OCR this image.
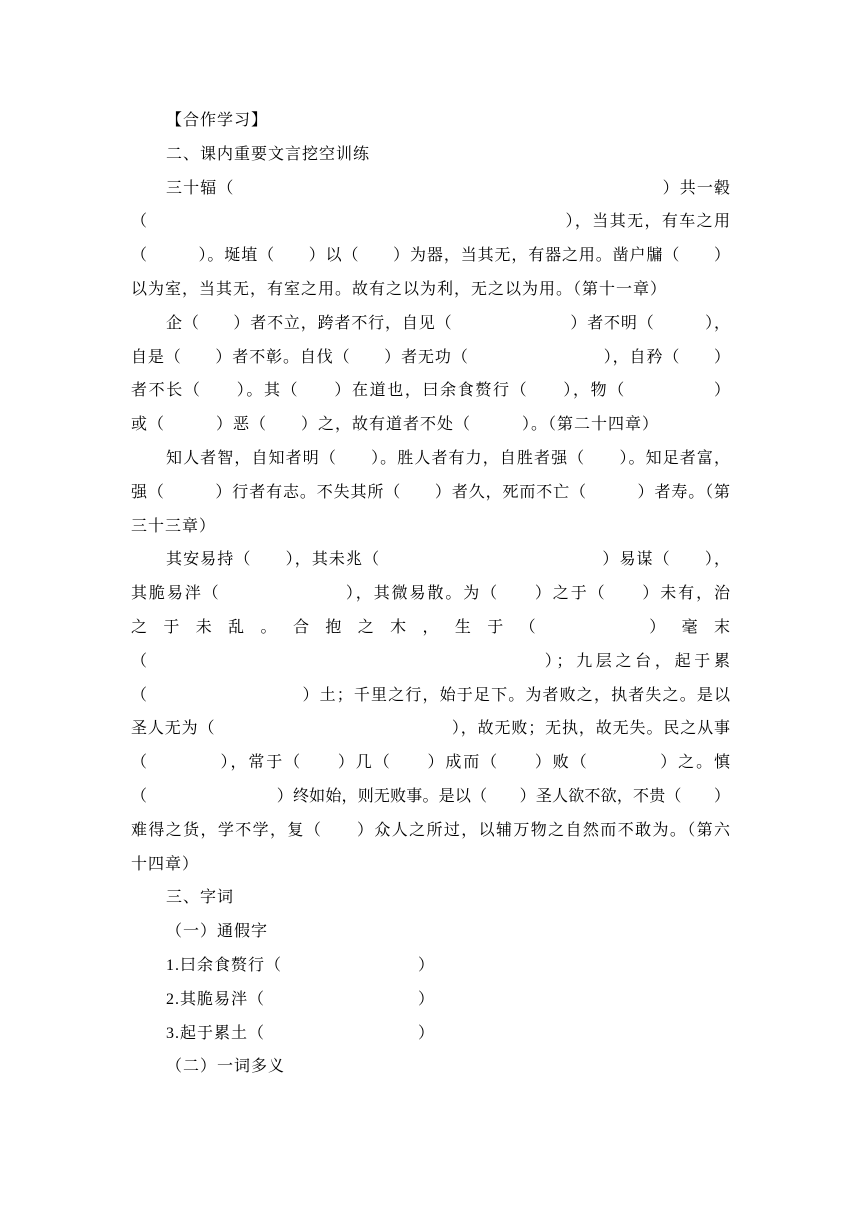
【合作学习】
二、课内重要文言挖空训练
三十辐（　　　　　　　　　　　　　　　　　　　　　　　　　）共一毂
（　　　　　　　　　　　　　　　　　　　　　　　　），当其无，有车之用
（　　　）。埏埴（　　）以（　　）为器，当其无，有器之用。凿户牖（　　）
以为室，当其无，有室之用。故有之以为利，无之以为用。（第十一章）
企（　　）者不立，跨者不行，自见（　　　　　　　）者不明（　　　），
自是（　　）者不彰。自伐（　　）者无功（　　　　　　　　），自矜（　　）
者不长（　　）。其（　　）在道也，曰余食赘行（　　），物（　　　　　）
或（　　　）恶（　　）之，故有道者不处（　　　）。（第二十四章）
知人者智，自知者明（　　）。胜人者有力，自胜者强（　　）。知足者富，
强（　　　）行者有志。不失其所（　　）者久，死而不亡（　　　）者寿。（第
三十三章）
其安易持（　　），其未兆（　　　　　　　　　　　　　）易谋（　　），
其脆易泮（　　　　　　　），其微易散。为（　　）之于（　　）未有，治
之于未乱。合抱之木，生于（　　　）毫末
（　　　　　　　　　　　　　　　　　　　　）；九层之台，起于累
（　　　　　　　　　）土；千里之行，始于足下。为者败之，执者失之。是以
圣人无为（　　　　　　　　　　　　　　），故无败；无执，故无失。民之从事
（　　　　），常于（　　）几（　　）成而（　　）败（　　　　）之。慎
（　　　　　　　　）终如始，则无败事。是以（　　）圣人欲不欲，不贵（　　）
难得之货，学不学，复（　　）众人之所过，以辅万物之自然而不敢为。（第六
十四章）
三、字词
（一）通假字
1.曰余食赘行（　　　　　　　　）
2.其脆易泮（　　　　　　　　　）
3.起于累土（　　　　　　　　　）
（二）一词多义
